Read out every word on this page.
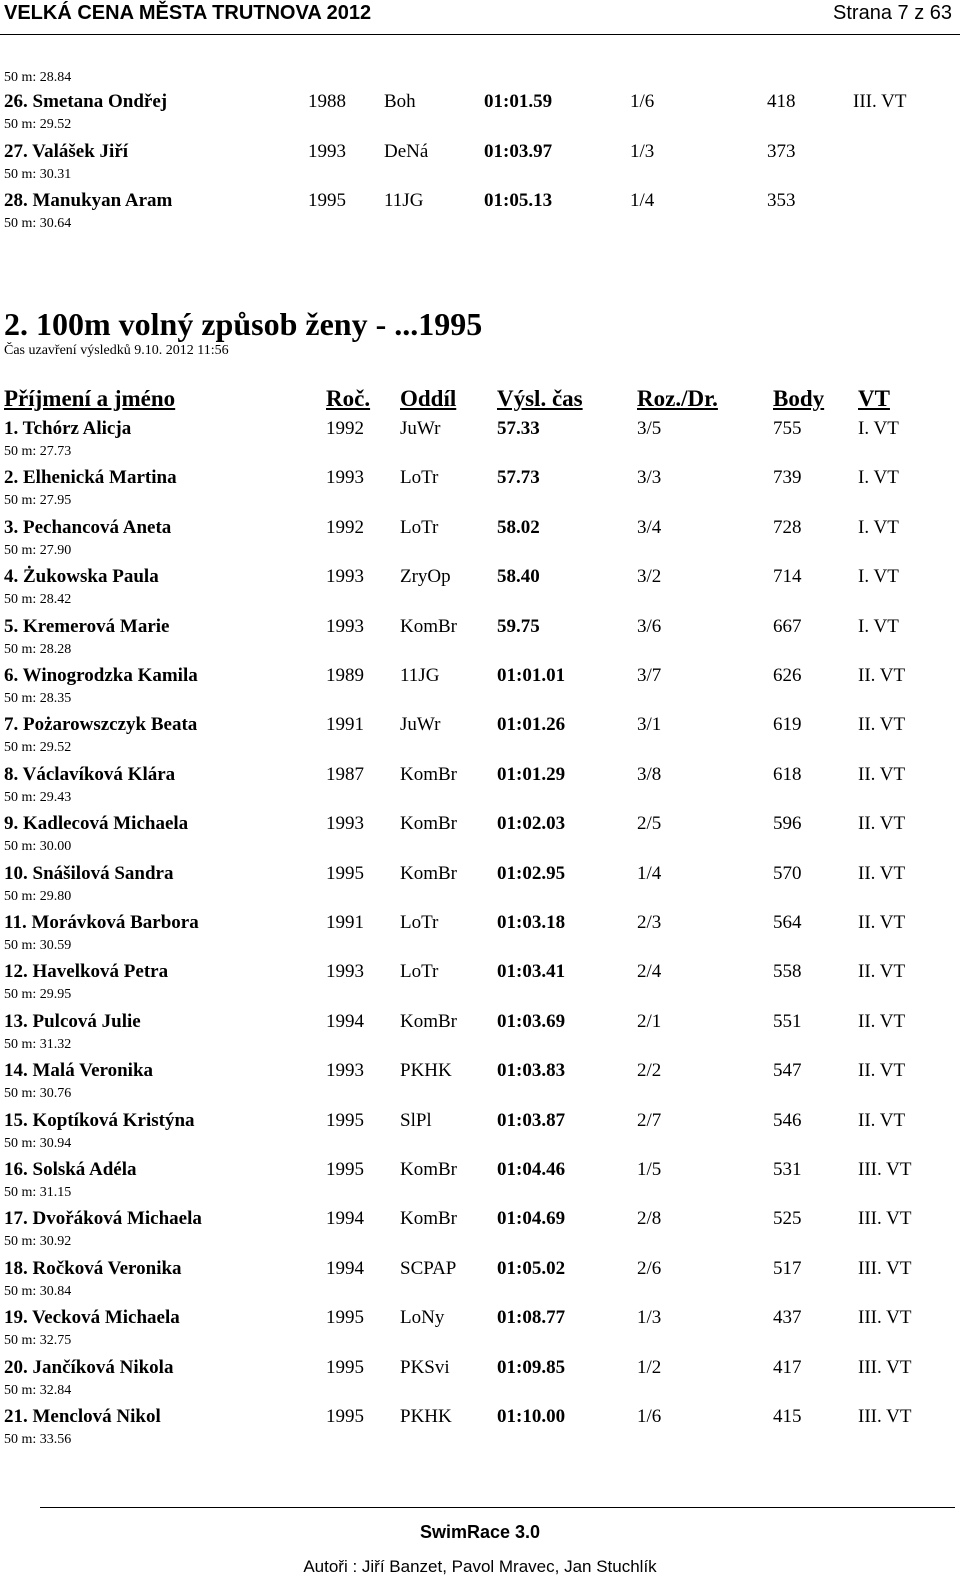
VELKÁ CENA MĚSTA TRUTNOVA 2012	Strana 7 z 63
50 m: 28.84
26. Smetana Ondřej	1988 Boh	01:01.59	1/6	418	III. VT
50 m: 29.52
27. Valášek Jiří	1993 DeNá	01:03.97	1/3	373
50 m: 30.31
28. Manukyan Aram	1995 11JG	01:05.13	1/4	353
50 m: 30.64
2. 100m volný způsob ženy - ...1995
Čas uzavření výsledků 9.10. 2012 11:56
Příjmení a jméno	Roč. Oddíl Výsl. čas Roz./Dr. Body VT
1. Tchórz Alicja	1992 JuWr	57.33	3/5	755	I. VT
50 m: 27.73
2. Elhenická Martina	1993 LoTr	57.73	3/3	739	I. VT
50 m: 27.95
3. Pechancová Aneta	1992 LoTr	58.02	3/4	728	I. VT
50 m: 27.90
4. Żukowska Paula	1993 ZryOp 58.40	3/2	714	I. VT
50 m: 28.42
5. Kremerová Marie	1993 KomBr 59.75	3/6	667	I. VT
50 m: 28.28
6. Winogrodzka Kamila	1989 11JG	01:01.01	3/7	626	II. VT
50 m: 28.35
7. Pożarowszczyk Beata	1991 JuWr	01:01.26	3/1	619	II. VT
50 m: 29.52
8. Václavíková Klára	1987 KomBr 01:01.29	3/8	618	II. VT
50 m: 29.43
9. Kadlecová Michaela	1993 KomBr 01:02.03	2/5	596	II. VT
50 m: 30.00
10. Snášilová Sandra	1995 KomBr 01:02.95	1/4	570	II. VT
50 m: 29.80
11. Morávková Barbora	1991 LoTr	01:03.18	2/3	564	II. VT
50 m: 30.59
12. Havelková Petra	1993 LoTr	01:03.41	2/4	558	II. VT
50 m: 29.95
13. Pulcová Julie	1994 KomBr 01:03.69	2/1	551	II. VT
50 m: 31.32
14. Malá Veronika	1993 PKHK 01:03.83	2/2	547	II. VT
50 m: 30.76
15. Koptíková Kristýna	1995 SlPl	01:03.87	2/7	546	II. VT
50 m: 30.94
16. Solská Adéla	1995 KomBr 01:04.46	1/5	531	III. VT
50 m: 31.15
17. Dvořáková Michaela	1994 KomBr 01:04.69	2/8	525	III. VT
50 m: 30.92
18. Ročková Veronika	1994 SCPAP 01:05.02	2/6	517	III. VT
50 m: 30.84
19. Vecková Michaela	1995 LoNy	01:08.77	1/3	437	III. VT
50 m: 32.75
20. Jančíková Nikola	1995 PKSvi 01:09.85	1/2	417	III. VT
50 m: 32.84
21. Menclová Nikol	1995 PKHK 01:10.00	1/6	415	III. VT
50 m: 33.56
SwimRace 3.0
Autoři : Jiří Banzet, Pavol Mravec, Jan Stuchlík
